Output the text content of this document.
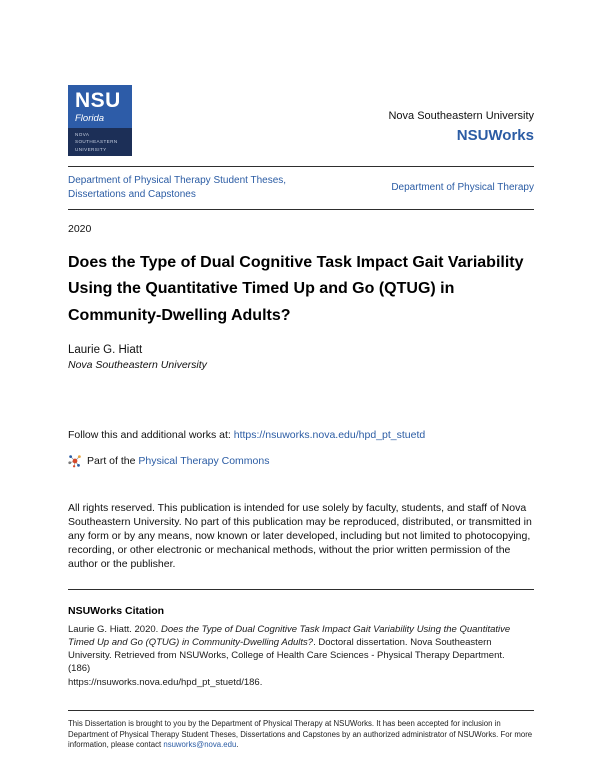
NSU
Florida
NOVA SOUTHEASTERN
UNIVERSITY
Nova Southeastern University
NSUWorks
Department of Physical Therapy Student Theses, Dissertations and Capstones
Department of Physical Therapy
2020
Does the Type of Dual Cognitive Task Impact Gait Variability Using the Quantitative Timed Up and Go (QTUG) in Community-Dwelling Adults?
Laurie G. Hiatt
Nova Southeastern University
Follow this and additional works at: https://nsuworks.nova.edu/hpd_pt_stuetd
Part of the Physical Therapy Commons

All rights reserved. This publication is intended for use solely by faculty, students, and staff of Nova Southeastern University. No part of this publication may be reproduced, distributed, or transmitted in any form or by any means, now known or later developed, including but not limited to photocopying, recording, or other electronic or mechanical methods, without the prior written permission of the author or the publisher.

NSUWorks Citation

Laurie G. Hiatt. 2020. Does the Type of Dual Cognitive Task Impact Gait Variability Using the Quantitative Timed Up and Go (QTUG) in Community-Dwelling Adults?. Doctoral dissertation. Nova Southeastern University. Retrieved from NSUWorks, College of Health Care Sciences - Physical Therapy Department.
(186)
https://nsuworks.nova.edu/hpd_pt_stuetd/186.

This Dissertation is brought to you by the Department of Physical Therapy at NSUWorks. It has been accepted for inclusion in Department of Physical Therapy Student Theses, Dissertations and Capstones by an authorized administrator of NSUWorks. For more information, please contact nsuworks@nova.edu.
